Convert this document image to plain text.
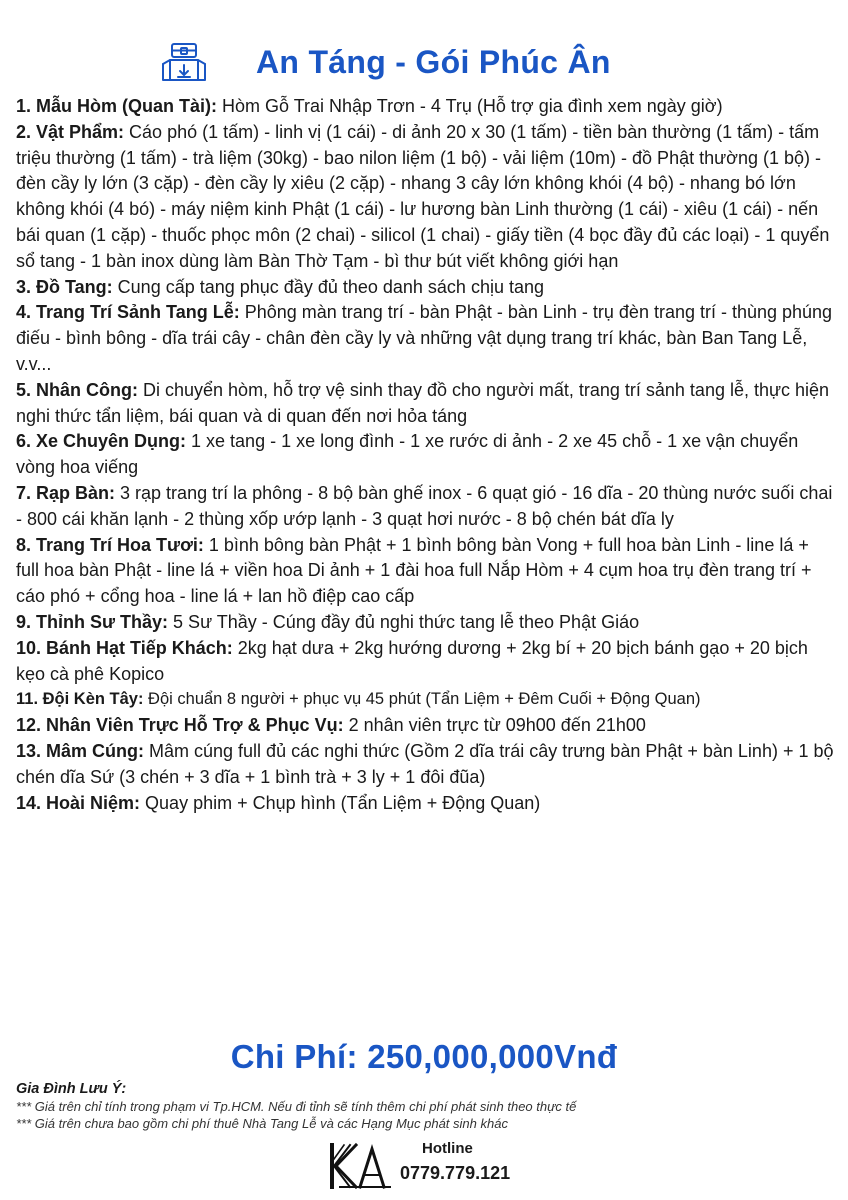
An Táng - Gói Phúc Ân
1. Mẫu Hòm (Quan Tài): Hòm Gỗ Trai Nhập Trơn - 4 Trụ (Hỗ trợ gia đình xem ngày giờ)
2. Vật Phẩm: Cáo phó (1 tấm) - linh vị (1 cái) - di ảnh 20 x 30 (1 tấm) - tiền bàn thường (1 tấm) - tấm triệu thường (1 tấm) - trà liệm (30kg) - bao nilon liệm (1 bộ) - vải liệm (10m) - đồ Phật thường (1 bộ) - đèn cầy ly lớn (3 cặp) - đèn cầy ly xiêu (2 cặp) - nhang 3 cây lớn không khói (4 bộ) - nhang bó lớn không khói (4 bó) - máy niệm kinh Phật (1 cái) - lư hương bàn Linh thường (1 cái) - xiêu (1 cái) - nến bái quan (1 cặp) - thuốc phọc môn (2 chai) - silicol (1 chai) - giấy tiền (4 bọc đầy đủ các loại) - 1 quyển sổ tang - 1 bàn inox dùng làm Bàn Thờ Tạm - bì thư bút viết không giới hạn
3. Đồ Tang: Cung cấp tang phục đầy đủ theo danh sách chịu tang
4. Trang Trí Sảnh Tang Lễ: Phông màn trang trí - bàn Phật - bàn Linh - trụ đèn trang trí - thùng phúng điếu - bình bông - dĩa trái cây - chân đèn cầy ly và những vật dụng trang trí khác, bàn Ban Tang Lễ, v.v...
5. Nhân Công: Di chuyển hòm, hỗ trợ vệ sinh thay đồ cho người mất, trang trí sảnh tang lễ, thực hiện nghi thức tẩn liệm, bái quan và di quan đến nơi hỏa táng
6. Xe Chuyên Dụng: 1 xe tang - 1 xe long đình - 1 xe rước di ảnh - 2 xe 45 chỗ - 1 xe vận chuyển vòng hoa viếng
7. Rạp Bàn: 3 rạp trang trí la phông - 8 bộ bàn ghế inox - 6 quạt gió - 16 dĩa - 20 thùng nước suối chai - 800 cái khăn lạnh - 2 thùng xốp ướp lạnh - 3 quạt hơi nước - 8 bộ chén bát dĩa ly
8. Trang Trí Hoa Tươi: 1 bình bông bàn Phật + 1 bình bông bàn Vong + full hoa bàn Linh - line lá + full hoa bàn Phật - line lá + viền hoa Di ảnh + 1 đài hoa full Nắp Hòm + 4 cụm hoa trụ đèn trang trí + cáo phó + cổng hoa - line lá + lan hồ điệp cao cấp
9. Thỉnh Sư Thầy: 5 Sư Thầy - Cúng đầy đủ nghi thức tang lễ theo Phật Giáo
10. Bánh Hạt Tiếp Khách: 2kg hạt dưa + 2kg hướng dương + 2kg bí + 20 bịch bánh gạo + 20 bịch kẹo cà phê Kopico
11. Đội Kèn Tây: Đội chuẩn 8 người + phục vụ 45 phút (Tẩn Liệm + Đêm Cuối + Động Quan)
12. Nhân Viên Trực Hỗ Trợ & Phục Vụ: 2 nhân viên trực từ 09h00 đến 21h00
13. Mâm Cúng: Mâm cúng full đủ các nghi thức (Gồm 2 dĩa trái cây trưng bàn Phật + bàn Linh) + 1 bộ chén dĩa Sứ (3 chén + 3 dĩa + 1 bình trà + 3 ly + 1 đôi đũa)
14. Hoài Niệm: Quay phim + Chụp hình (Tẩn Liệm + Động Quan)
Chi Phí: 250,000,000Vnđ
Gia Đình Lưu Ý:
*** Giá trên chỉ tính trong phạm vi Tp.HCM. Nếu đi tỉnh sẽ tính thêm chi phí phát sinh theo thực tế
*** Giá trên chưa bao gồm chi phí thuê Nhà Tang Lễ và các Hạng Mục phát sinh khác
Hotline
0779.779.121
